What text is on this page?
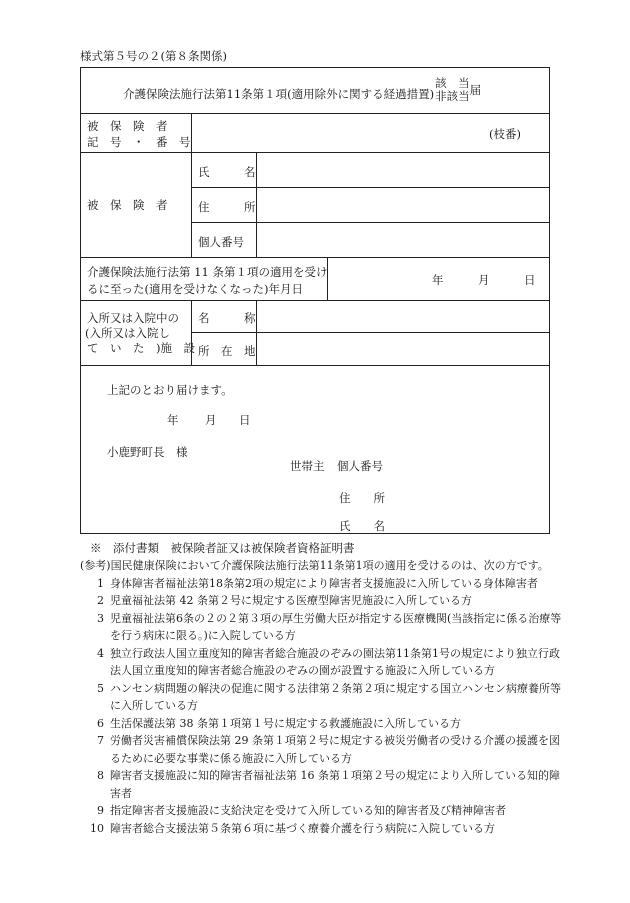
様式第５号の２(第８条関係)
介護保険法施行法第11条第１項(適用除外に関する経過措置)該　当
非該当届
被　保　険　者
記　号　・　番　号
(枝番)
被　保　険　者
氏　　　名
住　　　所
個人番号
介護保険法施行法第 11 条第１項の適用を受け
るに至った(適用を受けなくなった)年月日
年	月	日
入所又は入院中の
(入所又は入院し
て　い　た　)施　設
名　　　称
所　在　地
上記のとおり届けます。
年 月 日
小鹿野町長　様
世帯主 個人番号
住　　所
氏　　名
※　添付書類　被保険者証又は被保険者資格証明書
(参考)国民健康保険において介護保険法施行法第11条第1項の適用を受けるのは、次の方です。
1 身体障害者福祉法第18条第2項の規定により障害者支援施設に入所している身体障害者
2 児童福祉法第 42 条第２号に規定する医療型障害児施設に入所している方
3 児童福祉法第6条の２の２第３項の厚生労働大臣が指定する医療機関(当該指定に係る治療等を行う病床に限る。)に入院している方
4 独立行政法人国立重度知的障害者総合施設のぞみの園法第11条第1号の規定により独立行政法人国立重度知的障害者総合施設のぞみの園が設置する施設に入所している方
5 ハンセン病問題の解決の促進に関する法律第２条第２項に規定する国立ハンセン病療養所等に入所している方
6 生活保護法第 38 条第１項第１号に規定する救護施設に入所している方
7 労働者災害補償保険法第 29 条第１項第２号に規定する被災労働者の受ける介護の援護を図るために必要な事業に係る施設に入所している方
8 障害者支援施設に知的障害者福祉法第 16 条第１項第２号の規定により入所している知的障害者
9 指定障害者支援施設に支給決定を受けて入所している知的障害者及び精神障害者
10 障害者総合支援法第５条第６項に基づく療養介護を行う病院に入院している方
